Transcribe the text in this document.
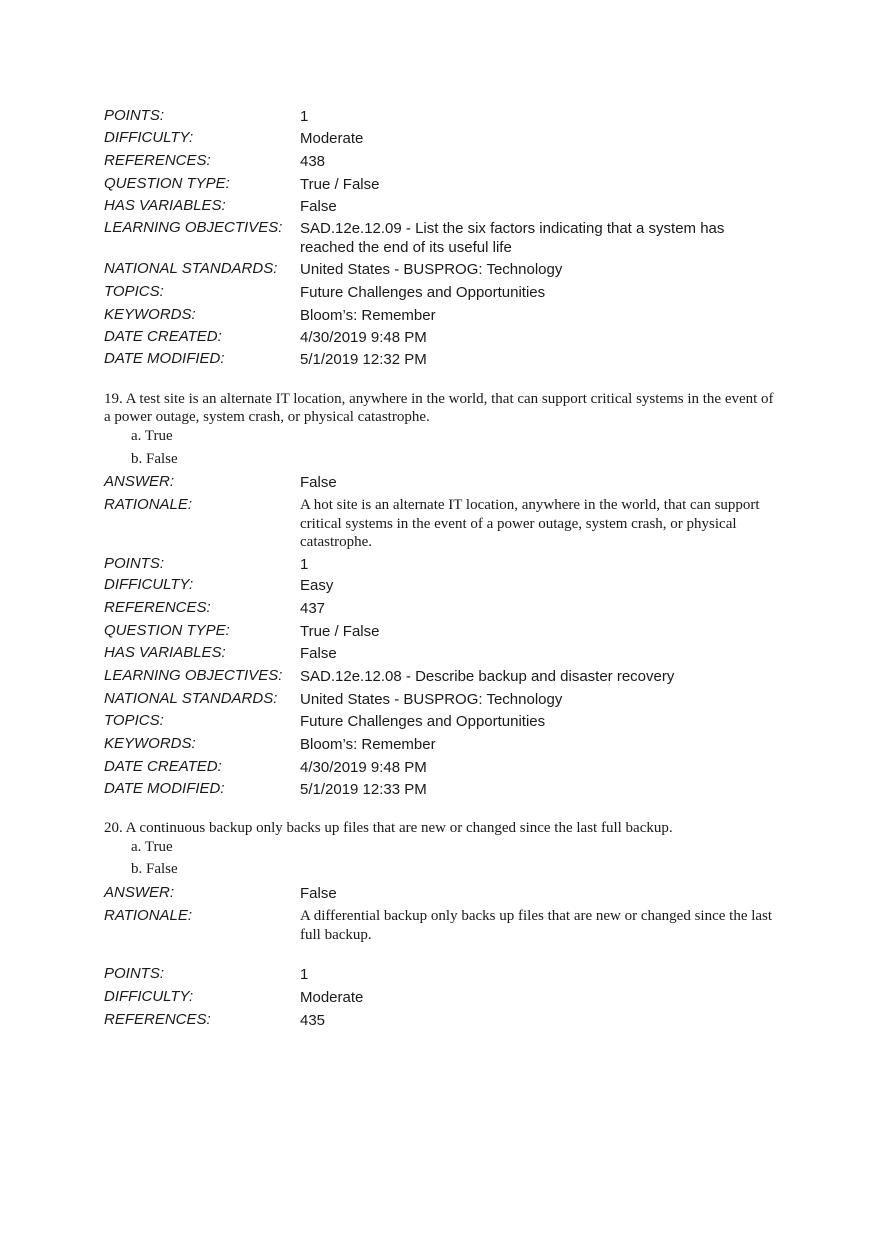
POINTS:	1
DIFFICULTY:	Moderate
REFERENCES:	438
QUESTION TYPE:	True / False
HAS VARIABLES:	False
LEARNING OBJECTIVES: SAD.12e.12.09 - List the six factors indicating that a system has reached the end of its useful life
NATIONAL STANDARDS: United States - BUSPROG: Technology
TOPICS:	Future Challenges and Opportunities
KEYWORDS:	Bloom’s: Remember
DATE CREATED:	4/30/2019 9:48 PM
DATE MODIFIED:	5/1/2019 12:32 PM
19. A test site is an alternate IT location, anywhere in the world, that can support critical systems in the event of a power outage, system crash, or physical catastrophe.
a. True
b. False
ANSWER:	False
RATIONALE:	A hot site is an alternate IT location, anywhere in the world, that can support critical systems in the event of a power outage, system crash, or physical catastrophe.
POINTS:	1
DIFFICULTY:	Easy
REFERENCES:	437
QUESTION TYPE:	True / False
HAS VARIABLES:	False
LEARNING OBJECTIVES: SAD.12e.12.08 - Describe backup and disaster recovery
NATIONAL STANDARDS: United States - BUSPROG: Technology
TOPICS:	Future Challenges and Opportunities
KEYWORDS:	Bloom’s: Remember
DATE CREATED:	4/30/2019 9:48 PM
DATE MODIFIED:	5/1/2019 12:33 PM
20. A continuous backup only backs up files that are new or changed since the last full backup.
a. True
b. False
ANSWER:	False
RATIONALE:	A differential backup only backs up files that are new or changed since the last full backup.
POINTS:	1
DIFFICULTY:	Moderate
REFERENCES:	435
